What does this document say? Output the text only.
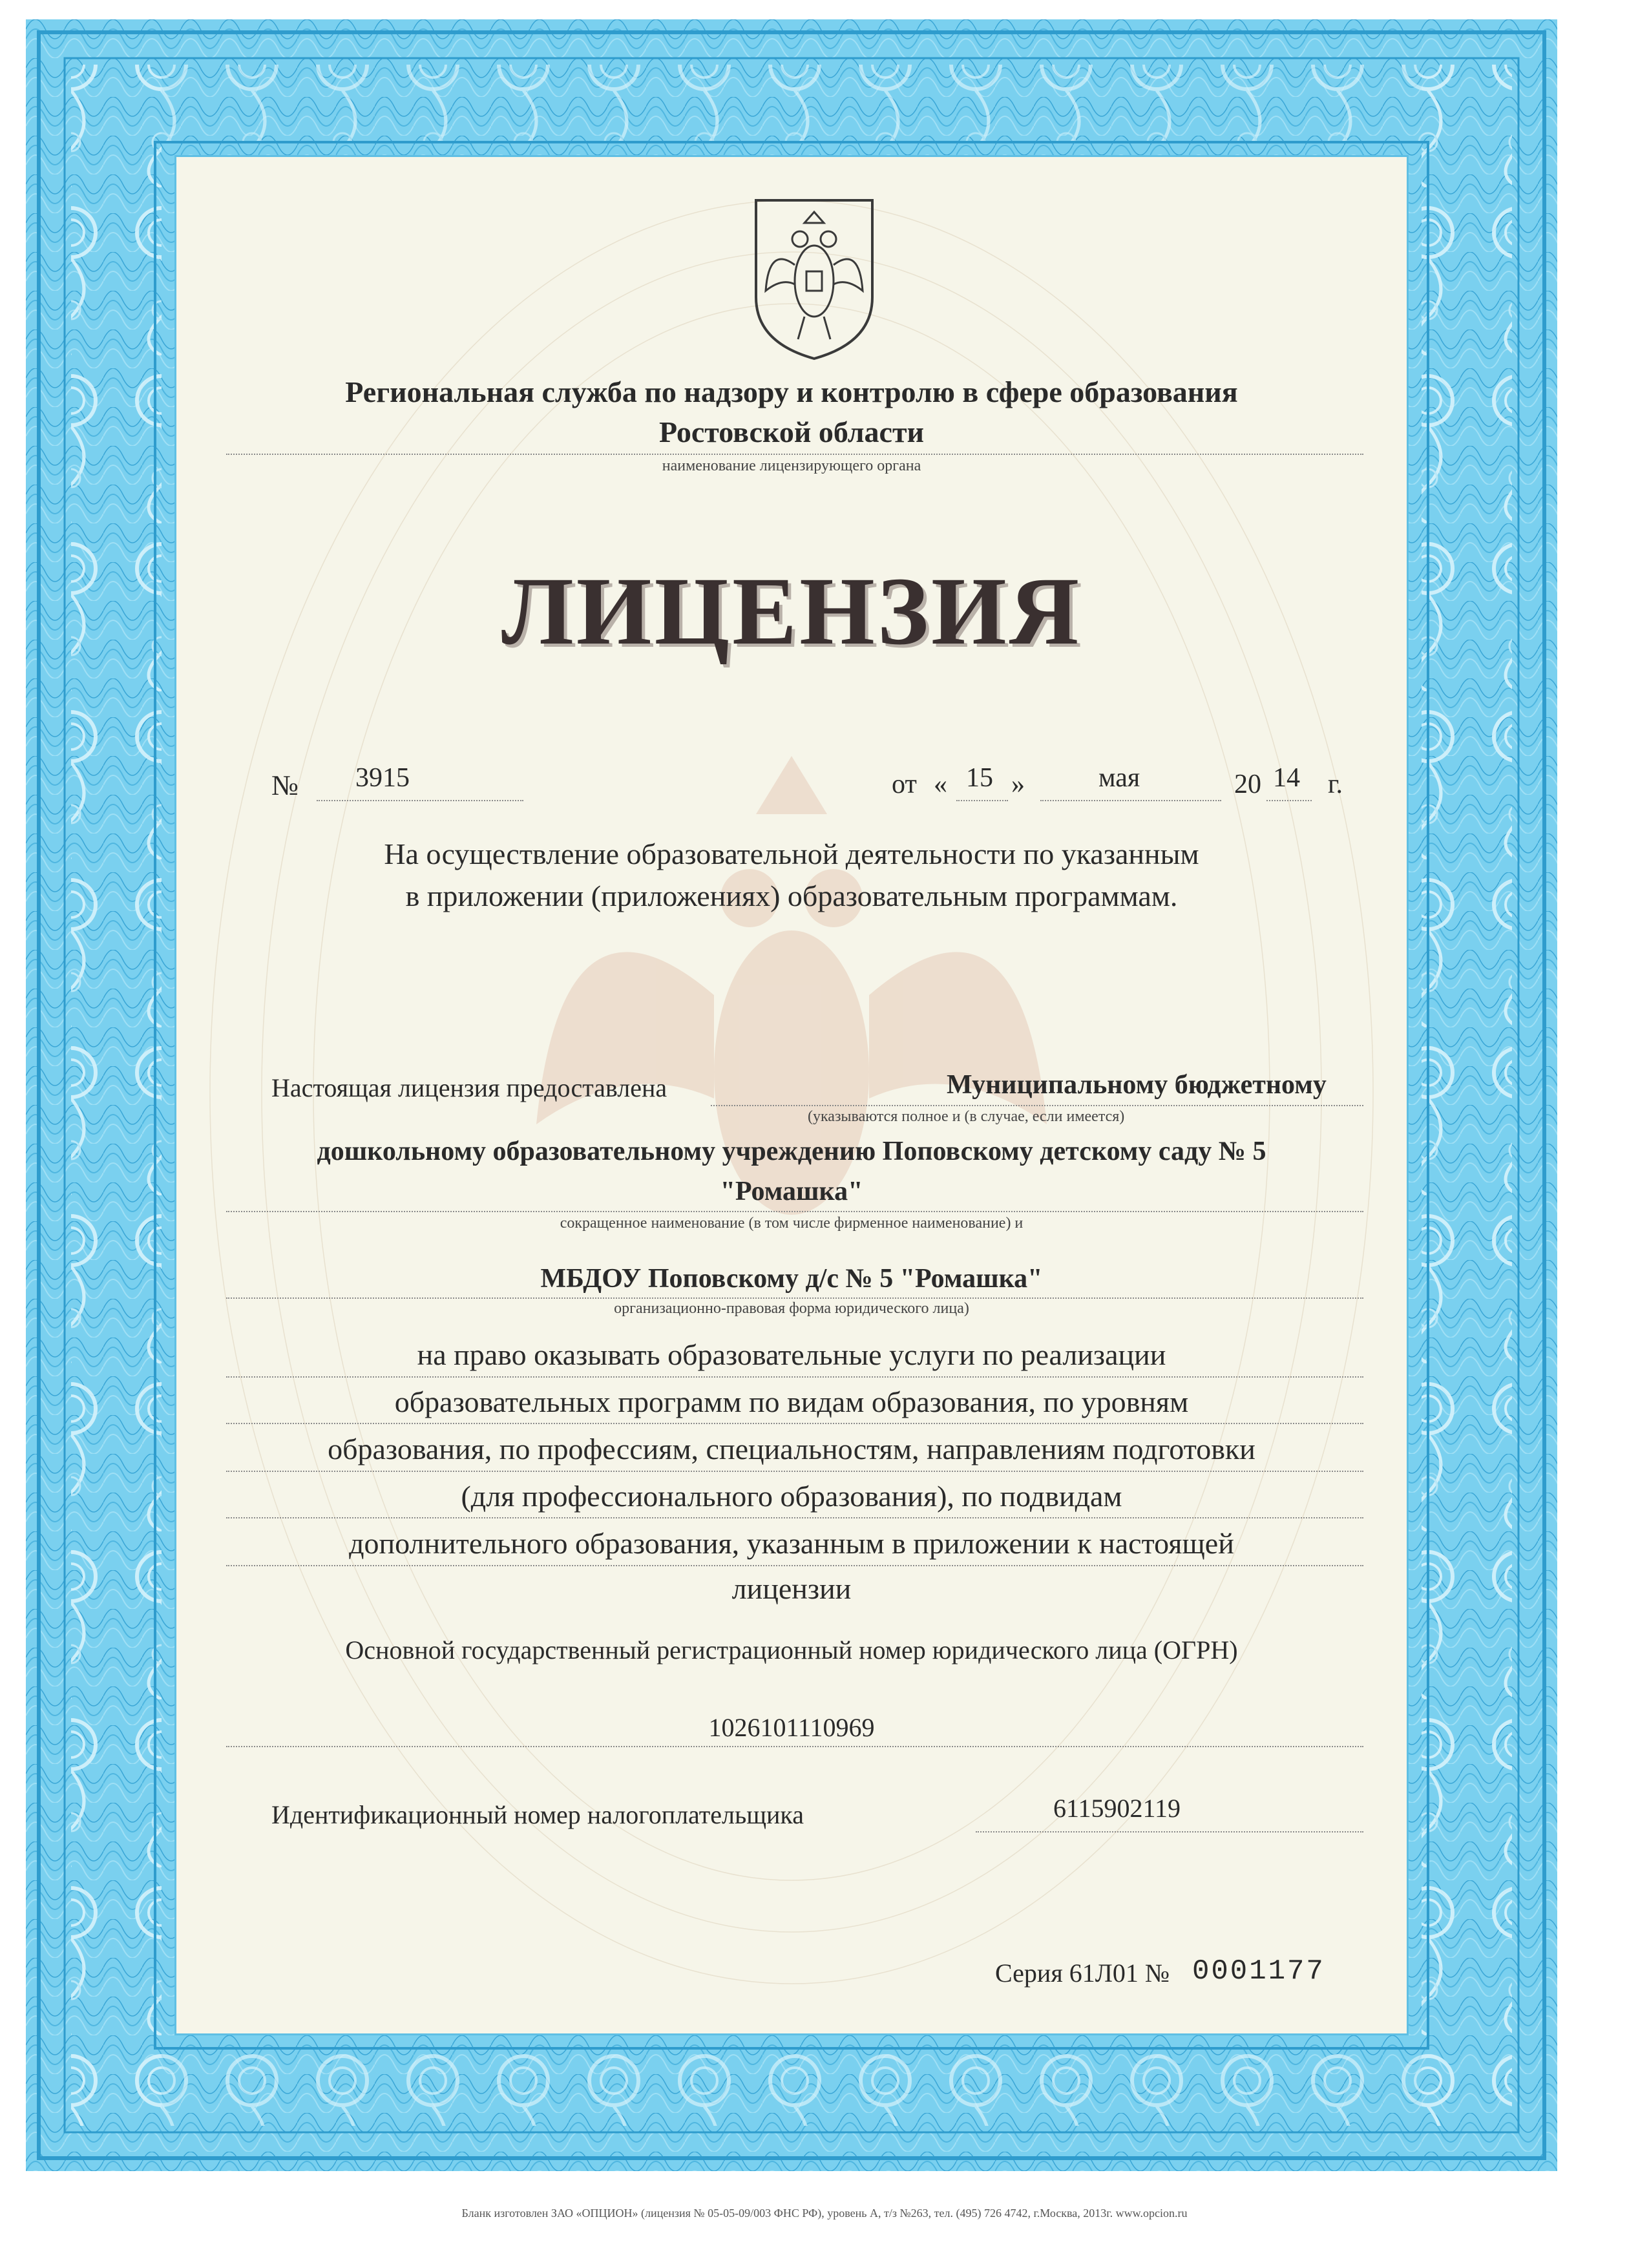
Региональная служба по надзору и контролю в сфере образования
Ростовской области
наименование лицензирующего органа
ЛИЦЕНЗИЯ
№ 3915	от « 15 »	мая	20 14 г.
На осуществление образовательной деятельности по указанным
в приложении (приложениях) образовательным программам.
Настоящая лицензия предоставлена	Муниципальному бюджетному
(указываются полное и (в случае, если имеется)
дошкольному образовательному учреждению Поповскому детскому саду № 5
"Ромашка"
сокращенное наименование (в том числе фирменное наименование) и
МБДОУ Поповскому д/с № 5 "Ромашка"
организационно-правовая форма юридического лица)
на право оказывать образовательные услуги по реализации
образовательных программ по видам образования, по уровням
образования, по профессиям, специальностям, направлениям подготовки
(для профессионального образования), по подвидам
дополнительного образования, указанным в приложении к настоящей
лицензии
Основной государственный регистрационный номер юридического лица (ОГРН)
1026101110969
Идентификационный номер налогоплательщика	6115902119
Серия 61Л01 № 0001177
Бланк изготовлен ЗАО «ОПЦИОН» (лицензия № 05-05-09/003 ФНС РФ), уровень А, т/з №263, тел. (495) 726 4742, г.Москва, 2013г. www.opcion.ru
